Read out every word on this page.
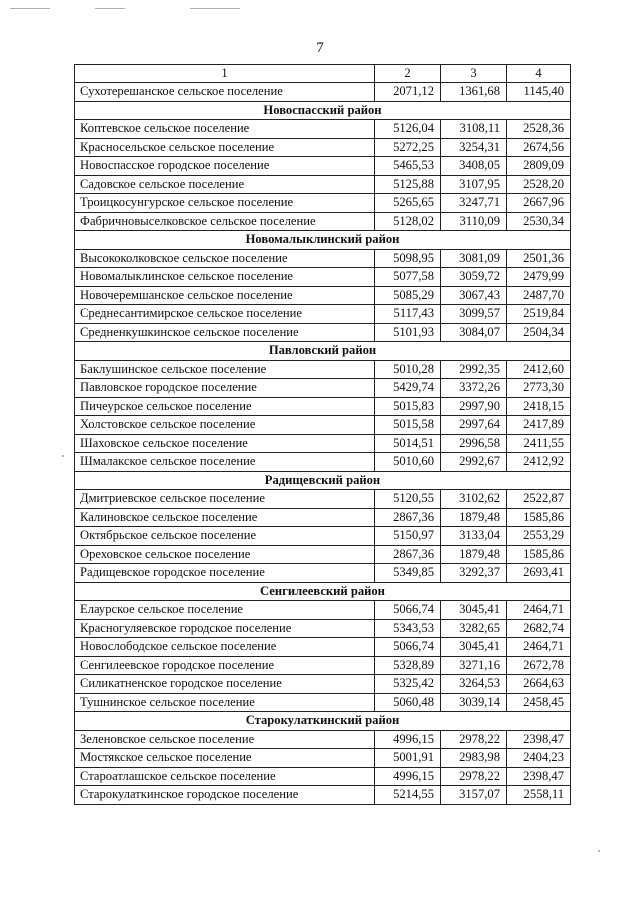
7
1	2	3	4
Сухотерешанское сельское поселение	2071,12	1361,68	1145,40
Новоспасский район			
Коптевское сельское поселение	5126,04	3108,11	2528,36
Красносельское сельское поселение	5272,25	3254,31	2674,56
Новоспасское городское поселение	5465,53	3408,05	2809,09
Садовское сельское поселение	5125,88	3107,95	2528,20
Троицкосунгурское сельское поселение	5265,65	3247,71	2667,96
Фабричновыселковское сельское поселение	5128,02	3110,09	2530,34
Новомалыклинский район			
Высококолковское сельское поселение	5098,95	3081,09	2501,36
Новомалыклинское сельское поселение	5077,58	3059,72	2479,99
Новочеремшанское сельское поселение	5085,29	3067,43	2487,70
Среднесантимирское сельское поселение	5117,43	3099,57	2519,84
Средненкушкинское сельское поселение	5101,93	3084,07	2504,34
Павловский район			
Баклушинское сельское поселение	5010,28	2992,35	2412,60
Павловское городское поселение	5429,74	3372,26	2773,30
Пичеурское сельское поселение	5015,83	2997,90	2418,15
Холстовское сельское поселение	5015,58	2997,64	2417,89
Шаховское сельское поселение	5014,51	2996,58	2411,55
Шмалакское сельское поселение	5010,60	2992,67	2412,92
Радищевский район			
Дмитриевское сельское поселение	5120,55	3102,62	2522,87
Калиновское сельское поселение	2867,36	1879,48	1585,86
Октябрьское сельское поселение	5150,97	3133,04	2553,29
Ореховское сельское поселение	2867,36	1879,48	1585,86
Радищевское городское поселение	5349,85	3292,37	2693,41
Сенгилеевский район			
Елаурское сельское поселение	5066,74	3045,41	2464,71
Красногуляевское городское поселение	5343,53	3282,65	2682,74
Новослободское сельское поселение	5066,74	3045,41	2464,71
Сенгилеевское городское поселение	5328,89	3271,16	2672,78
Силикатненское городское поселение	5325,42	3264,53	2664,63
Тушнинское сельское поселение	5060,48	3039,14	2458,45
Старокулаткинский район			
Зеленовское сельское поселение	4996,15	2978,22	2398,47
Мостякское сельское поселение	5001,91	2983,98	2404,23
Староатлашское сельское поселение	4996,15	2978,22	2398,47
Старокулаткинское городское поселение	5214,55	3157,07	2558,11
